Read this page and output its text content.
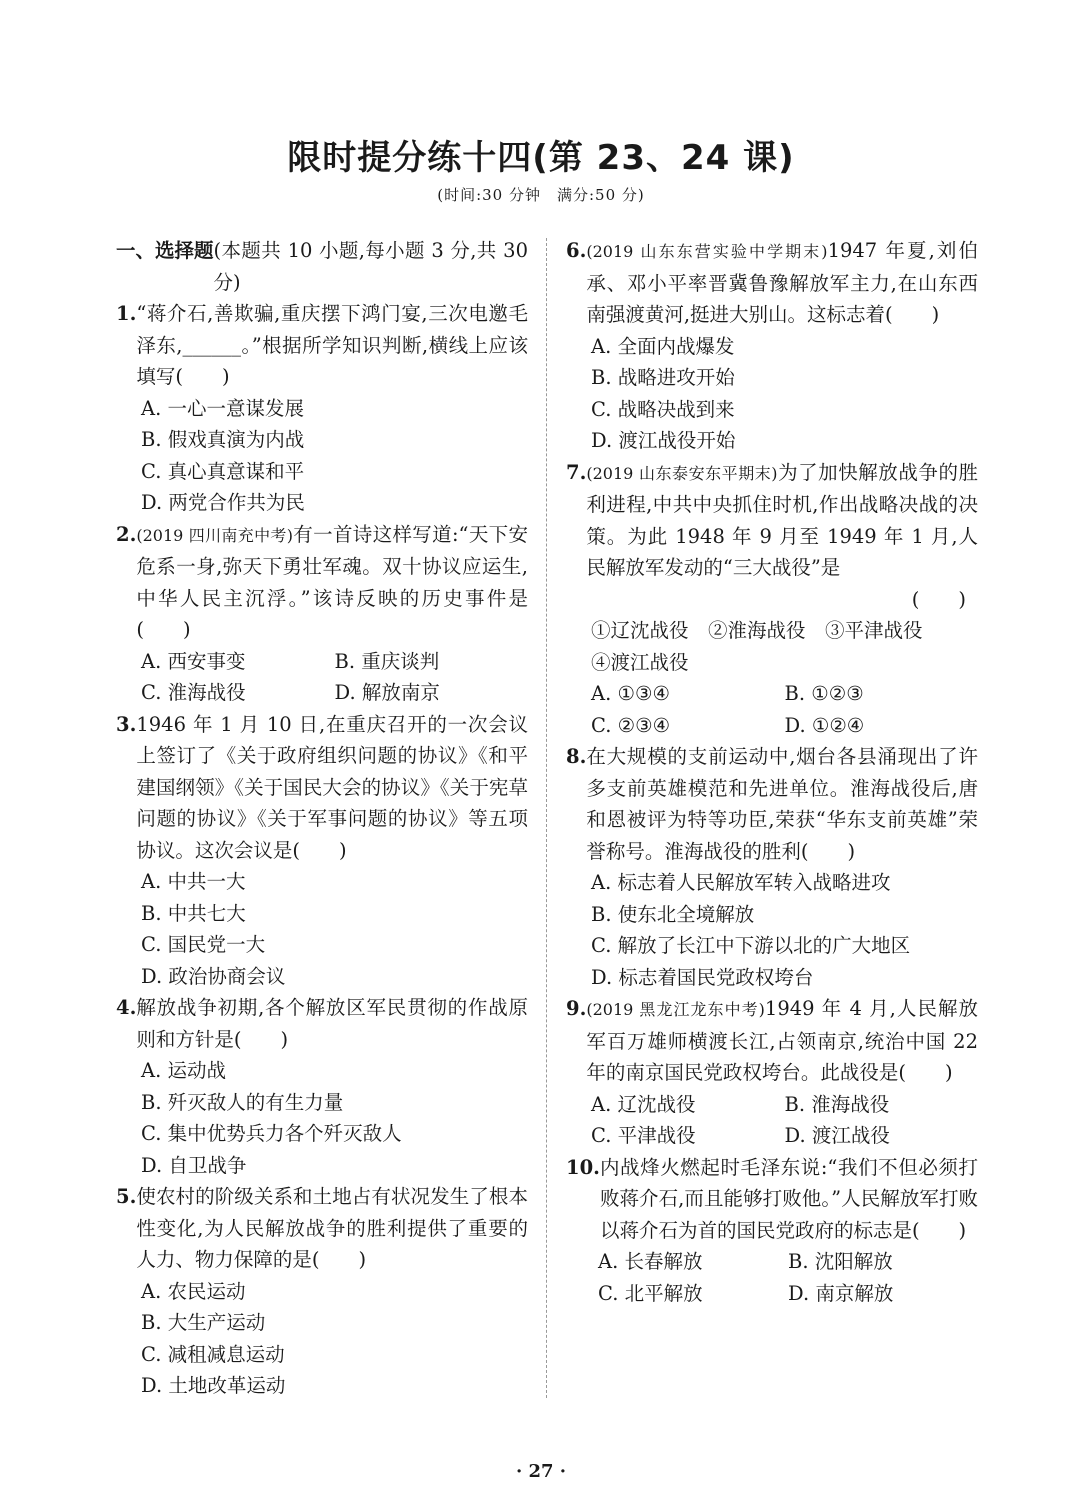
限时提分练十四(第 23、24 课)
(时间:30 分钟　满分:50 分)
一、选择题 (本题共 10 小题,每小题 3 分,共 30 分)
1. “蒋介石,善欺骗,重庆摆下鸿门宴,三次电邀毛泽东,______。”根据所学知识判断,横线上应该填写(　　)
A. 一心一意谋发展
B. 假戏真演为内战
C. 真心真意谋和平
D. 两党合作共为民
2. (2019 四川南充中考)有一首诗这样写道:“天下安危系一身,弥天下勇壮军魂。双十协议应运生,中华人民主沉浮。”该诗反映的历史事件是(　　)
A. 西安事变	B. 重庆谈判
C. 淮海战役	D. 解放南京
3. 1946 年 1 月 10 日,在重庆召开的一次会议上签订了《关于政府组织问题的协议》《和平建国纲领》《关于国民大会的协议》《关于宪草问题的协议》《关于军事问题的协议》等五项协议。这次会议是(　　)
A. 中共一大
B. 中共七大
C. 国民党一大
D. 政治协商会议
4. 解放战争初期,各个解放区军民贯彻的作战原则和方针是(　　)
A. 运动战
B. 歼灭敌人的有生力量
C. 集中优势兵力各个歼灭敌人
D. 自卫战争
5. 使农村的阶级关系和土地占有状况发生了根本性变化,为人民解放战争的胜利提供了重要的人力、物力保障的是(　　)
A. 农民运动
B. 大生产运动
C. 减租减息运动
D. 土地改革运动
6. (2019 山东东营实验中学期末)1947 年夏,刘伯承、邓小平率晋冀鲁豫解放军主力,在山东西南强渡黄河,挺进大别山。这标志着(　　)
A. 全面内战爆发
B. 战略进攻开始
C. 战略决战到来
D. 渡江战役开始
7. (2019 山东泰安东平期末)为了加快解放战争的胜利进程,中共中央抓住时机,作出战略决战的决策。为此 1948 年 9 月至 1949 年 1 月,人民解放军发动的“三大战役”是
(　　)
①辽沈战役　②淮海战役　③平津战役
④渡江战役
A. ①③④	B. ①②③
C. ②③④	D. ①②④
8. 在大规模的支前运动中,烟台各县涌现出了许多支前英雄模范和先进单位。淮海战役后,唐和恩被评为特等功臣,荣获“华东支前英雄”荣誉称号。淮海战役的胜利(　　)
A. 标志着人民解放军转入战略进攻
B. 使东北全境解放
C. 解放了长江中下游以北的广大地区
D. 标志着国民党政权垮台
9. (2019 黑龙江龙东中考)1949 年 4 月,人民解放军百万雄师横渡长江,占领南京,统治中国 22 年的南京国民党政权垮台。此战役是(　　)
A. 辽沈战役	B. 淮海战役
C. 平津战役	D. 渡江战役
10. 内战烽火燃起时毛泽东说:“我们不但必须打败蒋介石,而且能够打败他。”人民解放军打败以蒋介石为首的国民党政府的标志是(　　)
A. 长春解放	B. 沈阳解放
C. 北平解放	D. 南京解放
· 27 ·
